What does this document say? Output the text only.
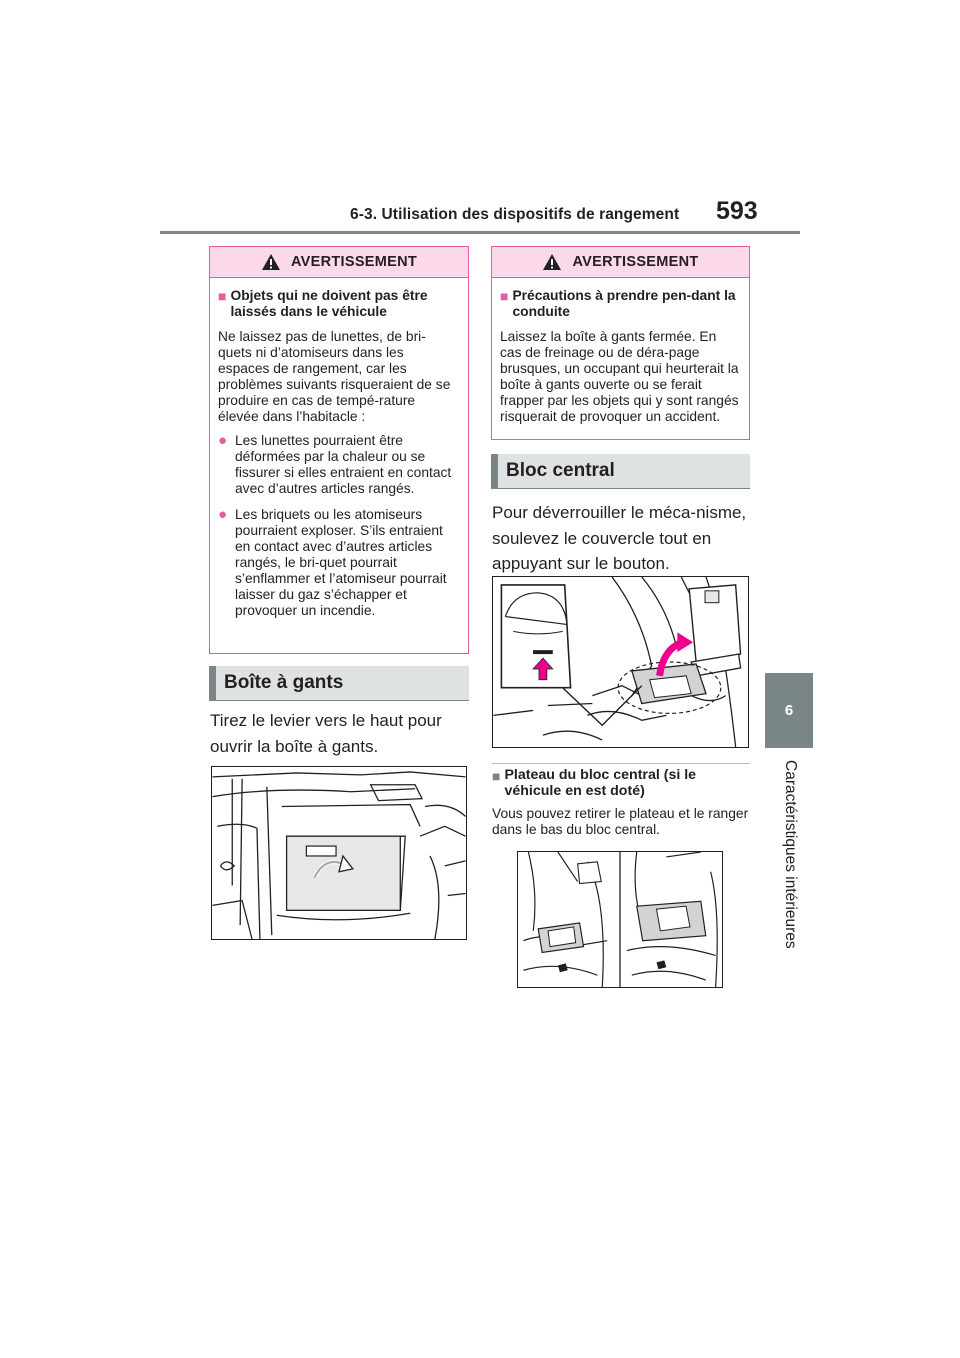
6-3. Utilisation des dispositifs de rangement 593
6
Caractéristiques intérieures
AVERTISSEMENT
■ Objets qui ne doivent pas être laissés dans le véhicule
Ne laissez pas de lunettes, de bri-quets ni d’atomiseurs dans les espaces de rangement, car les problèmes suivants risqueraient de se produire en cas de tempé-rature élevée dans l’habitacle :
● Les lunettes pourraient être déformées par la chaleur ou se fissurer si elles entraient en contact avec d’autres articles rangés.
● Les briquets ou les atomiseurs pourraient exploser. S’ils entraient en contact avec d’autres articles rangés, le bri-quet pourrait s’enflammer et l’atomiseur pourrait laisser du gaz s’échapper et provoquer un incendie.
Boîte à gants
Tirez le levier vers le haut pour ouvrir la boîte à gants.
AVERTISSEMENT
■ Précautions à prendre pen-dant la conduite
Laissez la boîte à gants fermée. En cas de freinage ou de déra-page brusques, un occupant qui heurterait la boîte à gants ouverte ou se ferait frapper par les objets qui y sont rangés risquerait de provoquer un accident.
Bloc central
Pour déverrouiller le méca-nisme, soulevez le couvercle tout en appuyant sur le bouton.
■ Plateau du bloc central (si le véhicule en est doté)
Vous pouvez retirer le plateau et le ranger dans le bas du bloc central.
